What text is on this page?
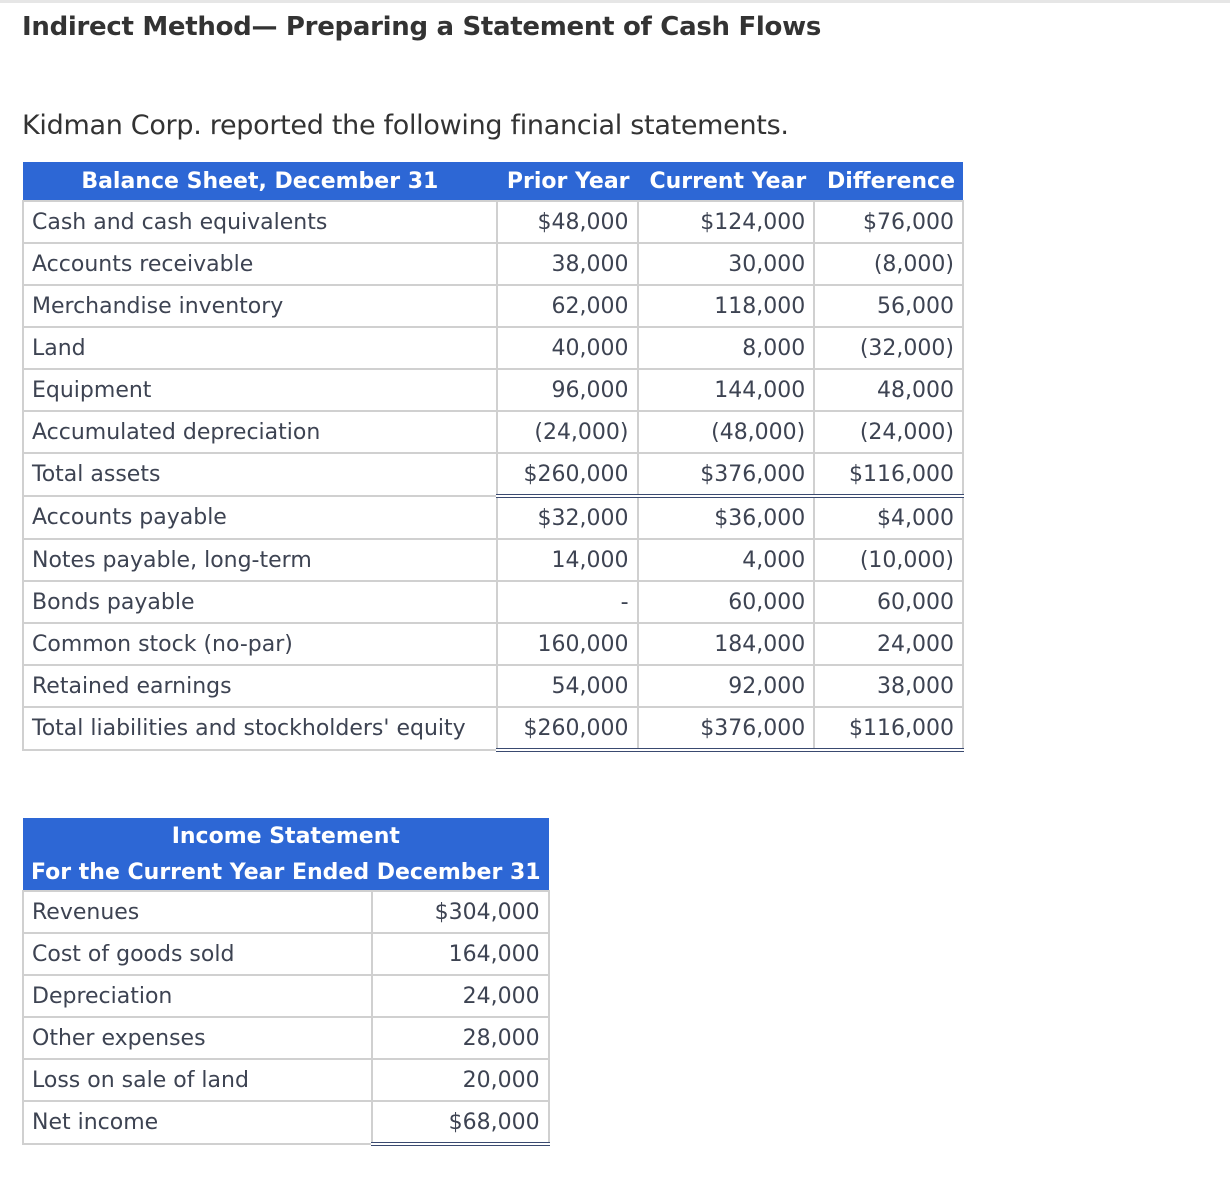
Indirect Method— Preparing a Statement of Cash Flows

Kidman Corp. reported the following financial statements.

Balance Sheet, December 31	Prior Year	Current Year	Difference
Cash and cash equivalents	$48,000	$124,000	$76,000
Accounts receivable	38,000	30,000	(8,000)
Merchandise inventory	62,000	118,000	56,000
Land	40,000	8,000	(32,000)
Equipment	96,000	144,000	48,000
Accumulated depreciation	(24,000)	(48,000)	(24,000)
Total assets	$260,000	$376,000	$116,000
Accounts payable	$32,000	$36,000	$4,000
Notes payable, long-term	14,000	4,000	(10,000)
Bonds payable	-	60,000	60,000
Common stock (no-par)	160,000	184,000	24,000
Retained earnings	54,000	92,000	38,000
Total liabilities and stockholders' equity	$260,000	$376,000	$116,000
Income Statement	
For the Current Year Ended December 31	
Revenues	$304,000
Cost of goods sold	164,000
Depreciation	24,000
Other expenses	28,000
Loss on sale of land	20,000
Net income	$68,000
